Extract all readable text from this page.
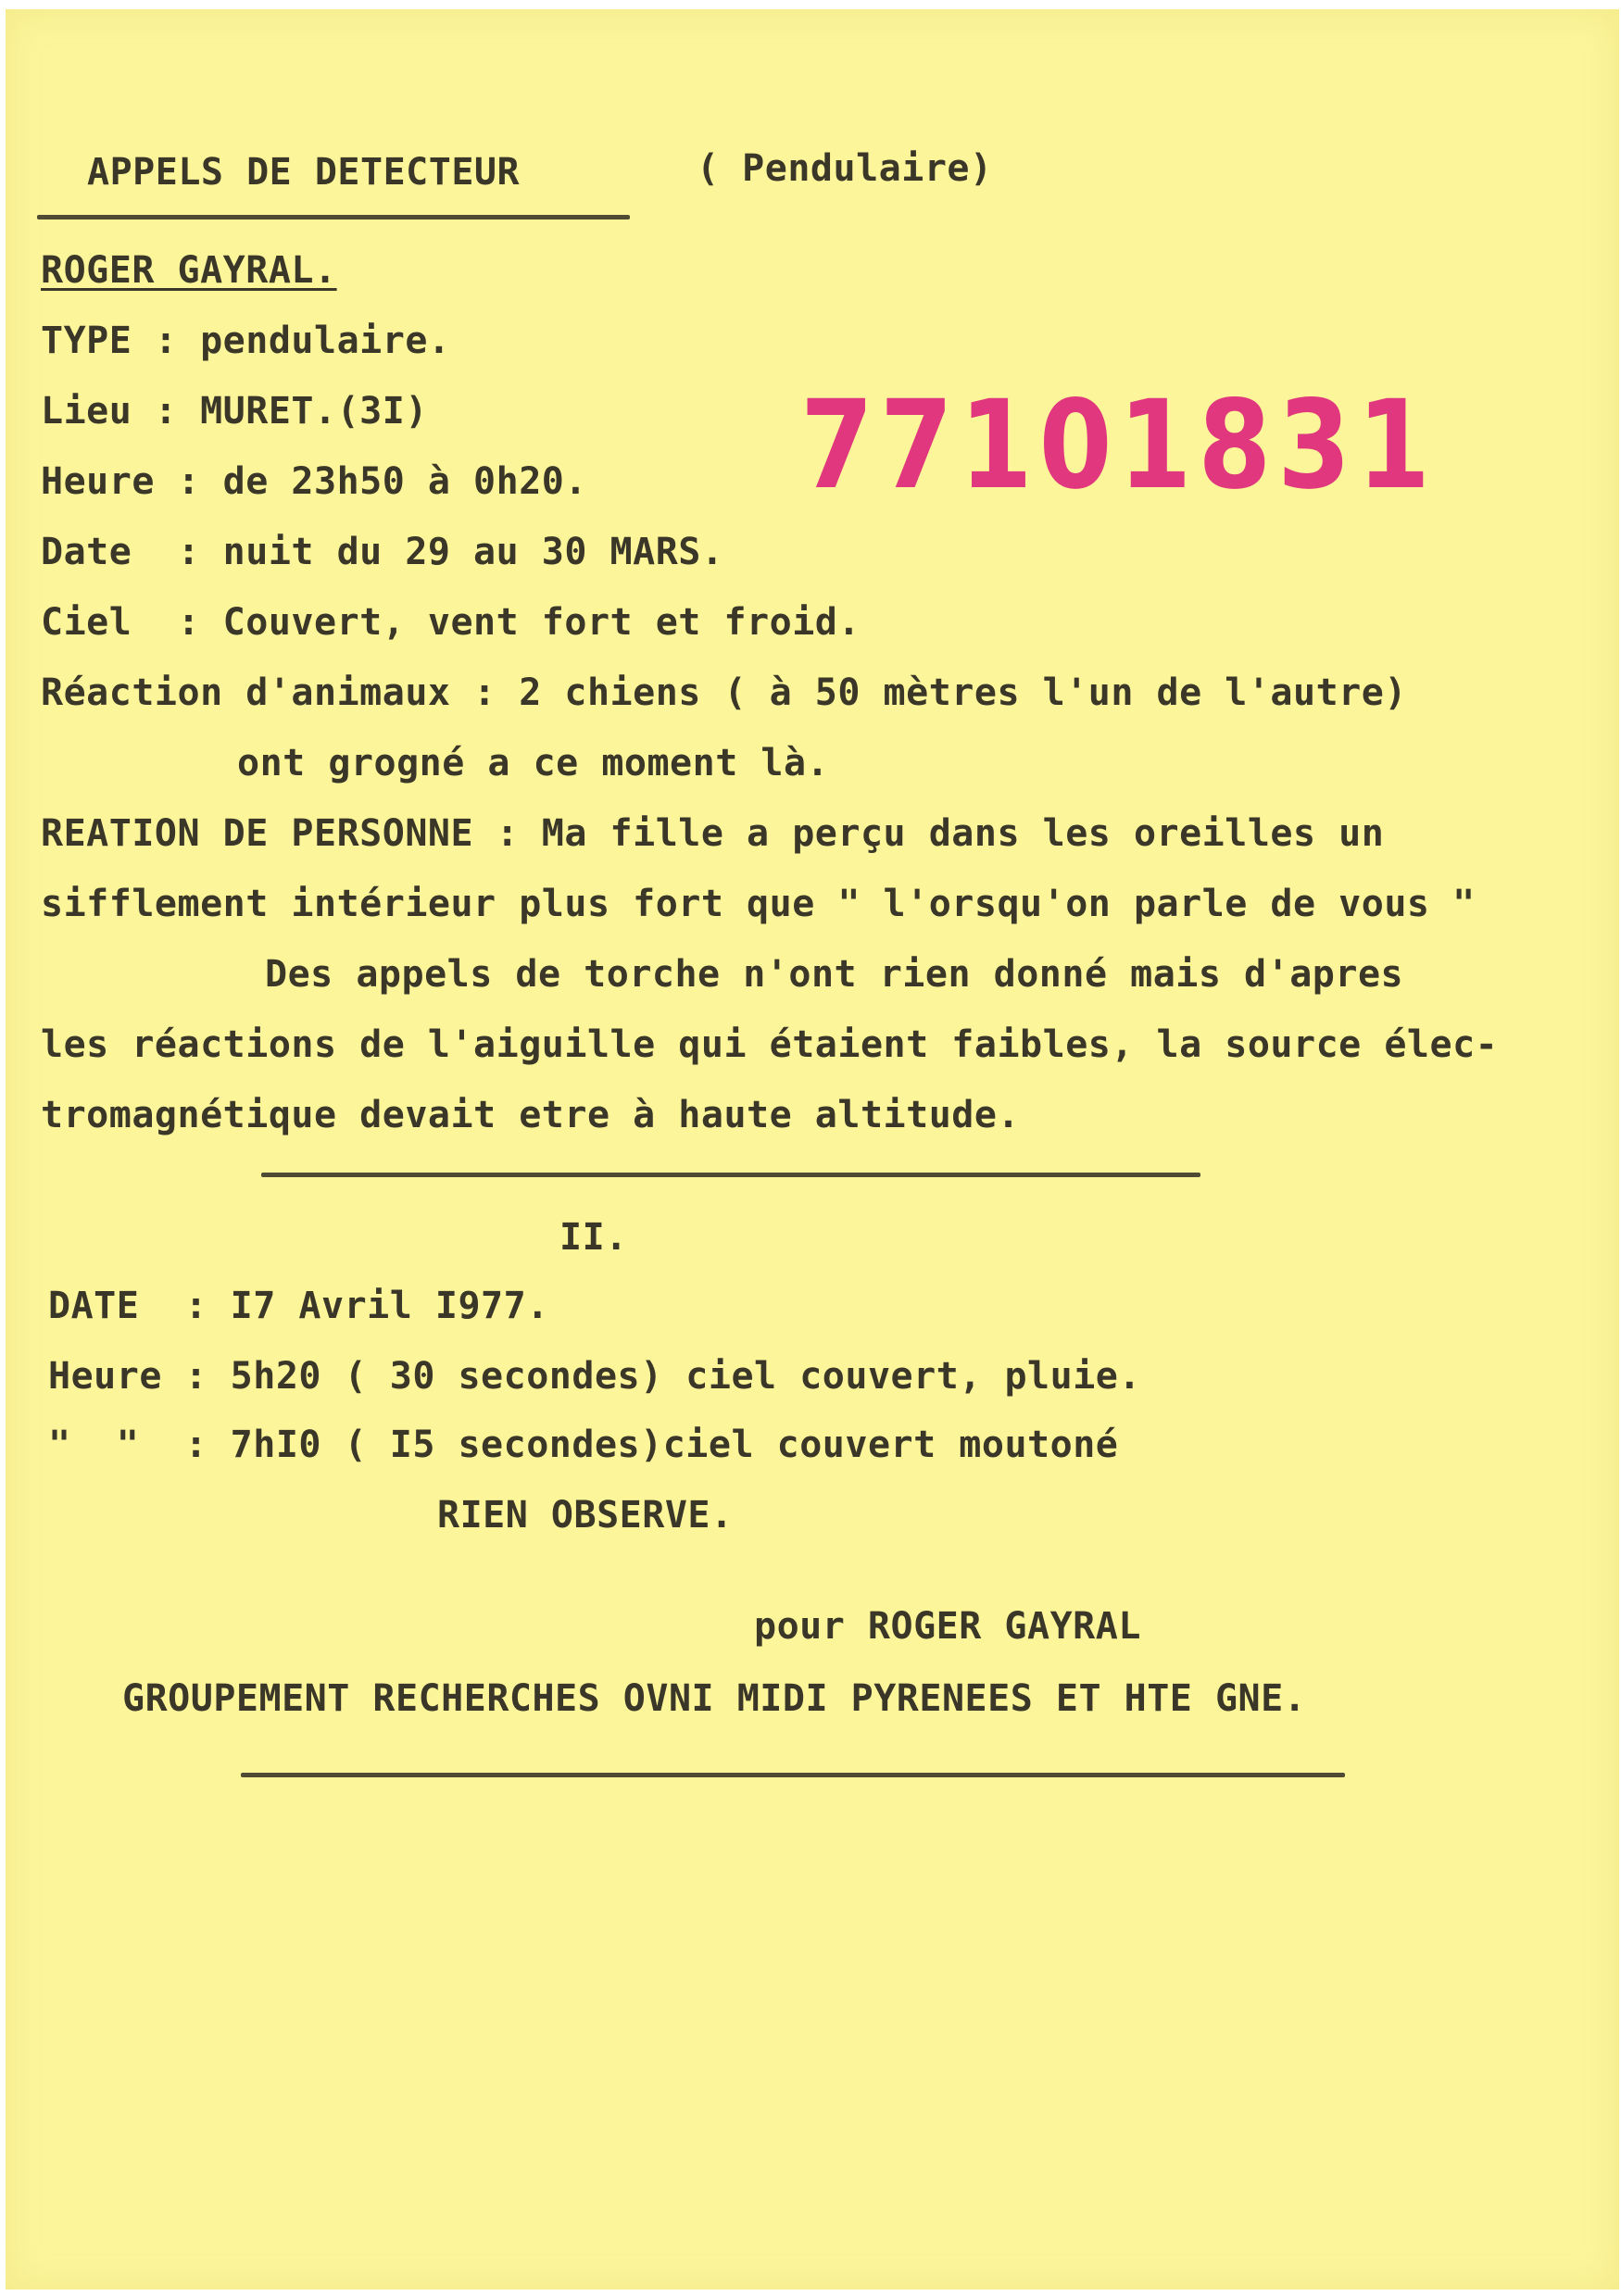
APPELS DE DETECTEUR	( Pendulaire)
77101831
ROGER GAYRAL.
TYPE : pendulaire.
Lieu : MURET.(3I)
Heure : de 23h50 à 0h20.
Date  : nuit du 29 au 30 MARS.
Ciel  : Couvert, vent fort et froid.
Réaction d'animaux : 2 chiens ( à 50 mètres l'un de l'autre)
ont grogné a ce moment là.
REATION DE PERSONNE : Ma fille a perçu dans les oreilles un
sifflement intérieur plus fort que " l'orsqu'on parle de vous "
Des appels de torche n'ont rien donné mais d'apres
les réactions de l'aiguille qui étaient faibles, la source élec-
tromagnétique devait etre à haute altitude.
II.
DATE  : I7 Avril I977.
Heure : 5h20 ( 30 secondes) ciel couvert, pluie.
"  "  : 7hI0 ( I5 secondes)ciel couvert moutoné
RIEN OBSERVE.
pour ROGER GAYRAL
GROUPEMENT RECHERCHES OVNI MIDI PYRENEES ET HTE GNE.
